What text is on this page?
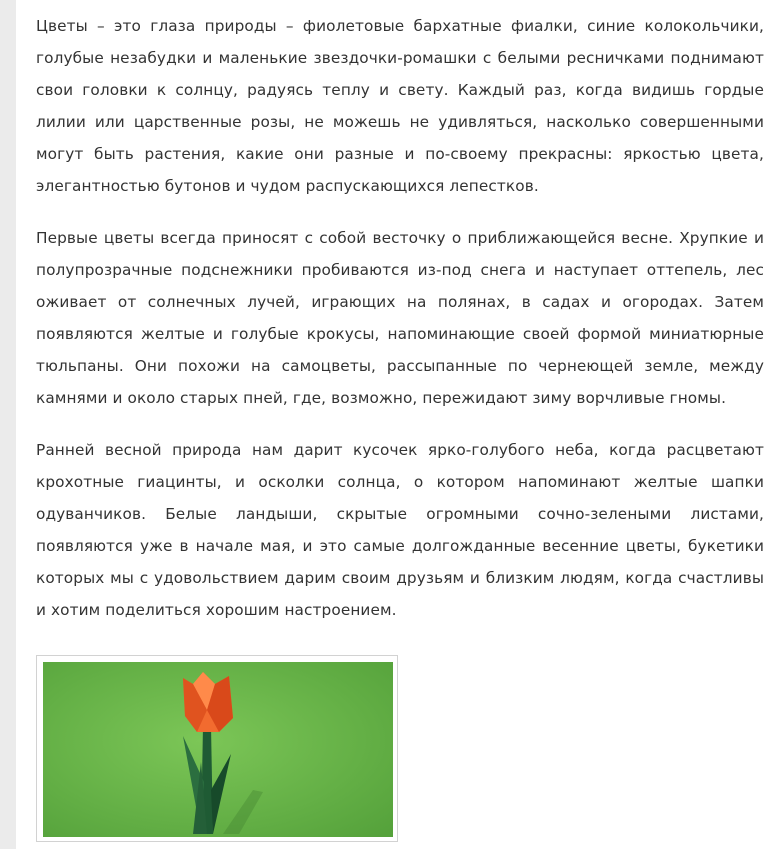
Цветы – это глаза природы – фиолетовые бархатные фиалки, синие колокольчики, голубые незабудки и маленькие звездочки-ромашки с белыми ресничками поднимают свои головки к солнцу, радуясь теплу и свету. Каждый раз, когда видишь гордые лилии или царственные розы, не можешь не удивляться, насколько совершенными могут быть растения, какие они разные и по-своему прекрасны: яркостью цвета, элегантностью бутонов и чудом распускающихся лепестков.

Первые цветы всегда приносят с собой весточку о приближающейся весне. Хрупкие и полупрозрачные подснежники пробиваются из-под снега и наступает оттепель, лес оживает от солнечных лучей, играющих на полянах, в садах и огородах. Затем появляются желтые и голубые крокусы, напоминающие своей формой миниатюрные тюльпаны. Они похожи на самоцветы, рассыпанные по чернеющей земле, между камнями и около старых пней, где, возможно, пережидают зиму ворчливые гномы.

Ранней весной природа нам дарит кусочек ярко-голубого неба, когда расцветают крохотные гиацинты, и осколки солнца, о котором напоминают желтые шапки одуванчиков. Белые ландыши, скрытые огромными сочно-зелеными листами, появляются уже в начале мая, и это самые долгожданные весенние цветы, букетики которых мы с удовольствием дарим своим друзьям и близким людям, когда счастливы и хотим поделиться хорошим настроением.
